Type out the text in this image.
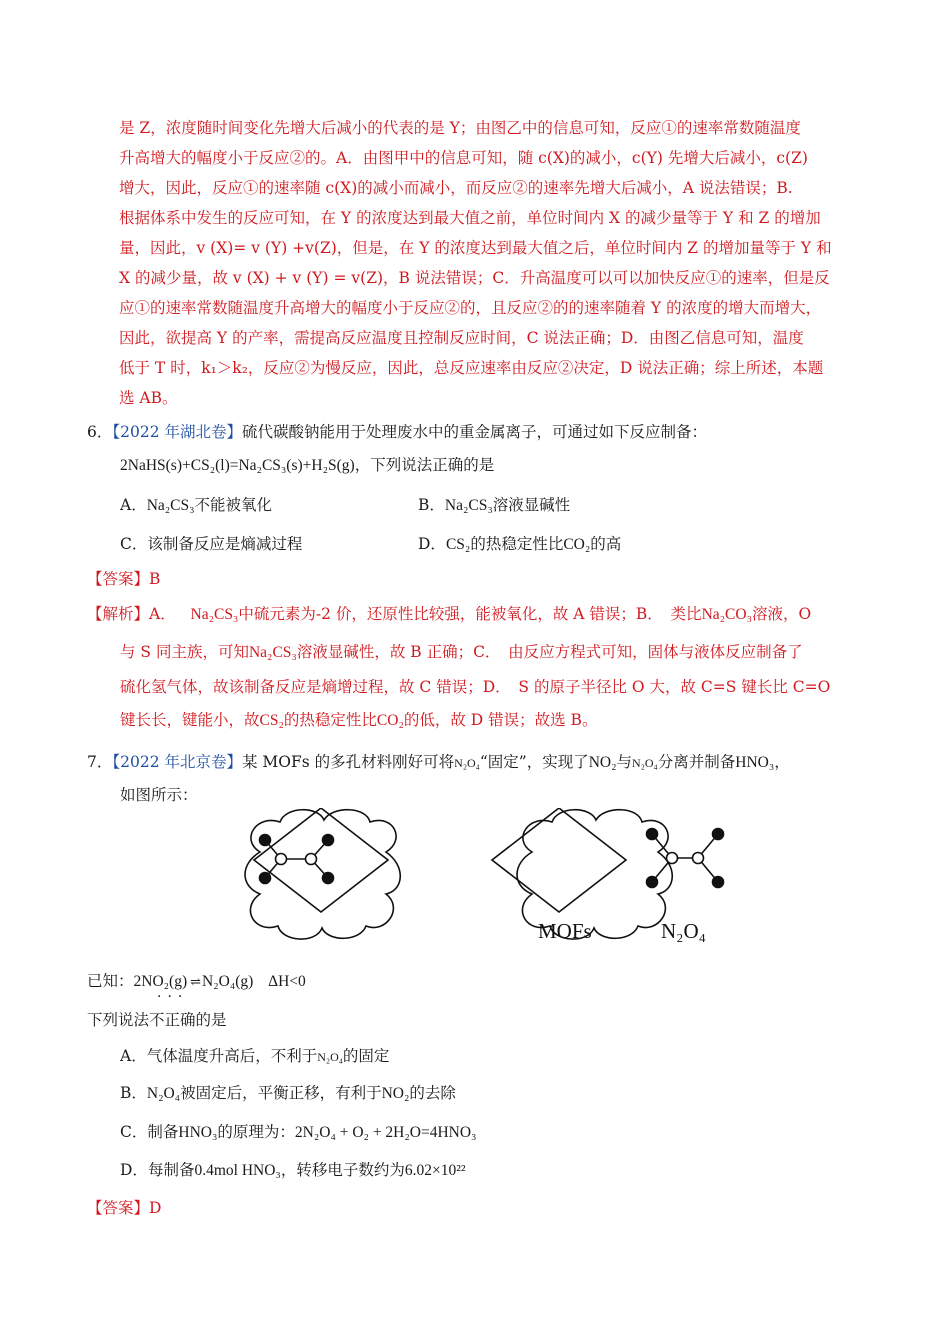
是 Z，浓度随时间变化先增大后减小的代表的是 Y；由图乙中的信息可知，反应①的速率常数随温度
升高增大的幅度小于反应②的。A．由图甲中的信息可知，随 c(X)的减小，c(Y) 先增大后减小，c(Z)
增大，因此，反应①的速率随 c(X)的减小而减小，而反应②的速率先增大后减小，A 说法错误；B.
根据体系中发生的反应可知，在 Y 的浓度达到最大值之前，单位时间内 X 的减少量等于 Y 和 Z 的增加
量，因此，v (X)= v (Y) +v(Z)，但是，在 Y 的浓度达到最大值之后，单位时间内 Z 的增加量等于 Y 和
X 的减少量，故 v (X) + v (Y) = v(Z)，B 说法错误；C．升高温度可以可以加快反应①的速率，但是反
应①的速率常数随温度升高增大的幅度小于反应②的，且反应②的的速率随着 Y 的浓度的增大而增大，
因此，欲提高 Y 的产率，需提高反应温度且控制反应时间，C 说法正确；D．由图乙信息可知，温度
低于 T 时，k₁＞k₂，反应②为慢反应，因此，总反应速率由反应②决定，D 说法正确；综上所述，本题
选 AB。
6．【2022 年湖北卷】硫代碳酸钠能用于处理废水中的重金属离子，可通过如下反应制备：
2NaHS(s)+CS₂(l)=Na₂CS₃(s)+H₂S(g)，下列说法正确的是
A．Na₂CS₃不能被氧化	B．Na₂CS₃溶液显碱性
C．该制备反应是熵减过程	D．CS₂的热稳定性比CO₂的高
【答案】B
【解析】A． Na₂CS₃中硫元素为-2 价，还原性比较强，能被氧化，故 A 错误；B．　类比Na₂CO₃溶液，O
与 S 同主族，可知Na₂CS₃溶液显碱性，故 B 正确；C．　由反应方程式可知，固体与液体反应制备了
硫化氢气体，故该制备反应是熵增过程，故 C 错误；D．　S 的原子半径比 O 大，故 C=S 键长比 C=O
键长长，键能小，故CS₂的热稳定性比CO₂的低，故 D 错误；故选 B。
7．【2022 年北京卷】某 MOFs 的多孔材料刚好可将N₂O₄“固定”，实现了NO₂与N₂O₄分离并制备HNO₃，
如图所示：
MOFs	N₂O₄
已知：2NO₂(g) ⇌ N₂O₄(g) ΔH<0
···
下列说法不正确的是
A．气体温度升高后，不利于N₂O₄的固定
B．N₂O₄被固定后，平衡正移，有利于NO₂的去除
C．制备HNO₃的原理为：2N₂O₄ + O₂ + 2H₂O=4HNO₃
D．每制备0.4mol HNO₃，转移电子数约为6.02×10²²
【答案】D
